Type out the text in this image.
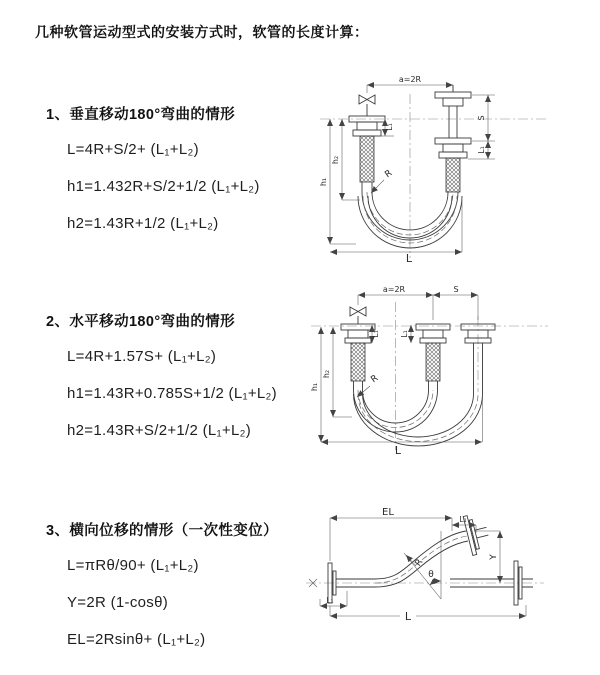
几种软管运动型式的安装方式时，软管的长度计算：
1、垂直移动180°弯曲的情形
L=4R+S/2+ (L₁+L₂)
h1=1.432R+S/2+1/2 (L₁+L₂)
h2=1.43R+1/2 (L₁+L₂)
2、水平移动180°弯曲的情形
L=4R+1.57S+ (L₁+L₂)
h1=1.43R+0.785S+1/2 (L₁+L₂)
h2=1.43R+S/2+1/2 (L₁+L₂)
3、横向位移的情形（一次性变位）
L=πRθ/90+ (L₁+L₂)
Y=2R (1-cosθ)
EL=2Rsinθ+ (L₁+L₂)
a=2R
L₁
S
L₁
h₂
h₁
R
L
a=2R	S
L₁	L₁
h₂
h₁
R
L
θ
R
EL
L₁
Y
L₁
L
